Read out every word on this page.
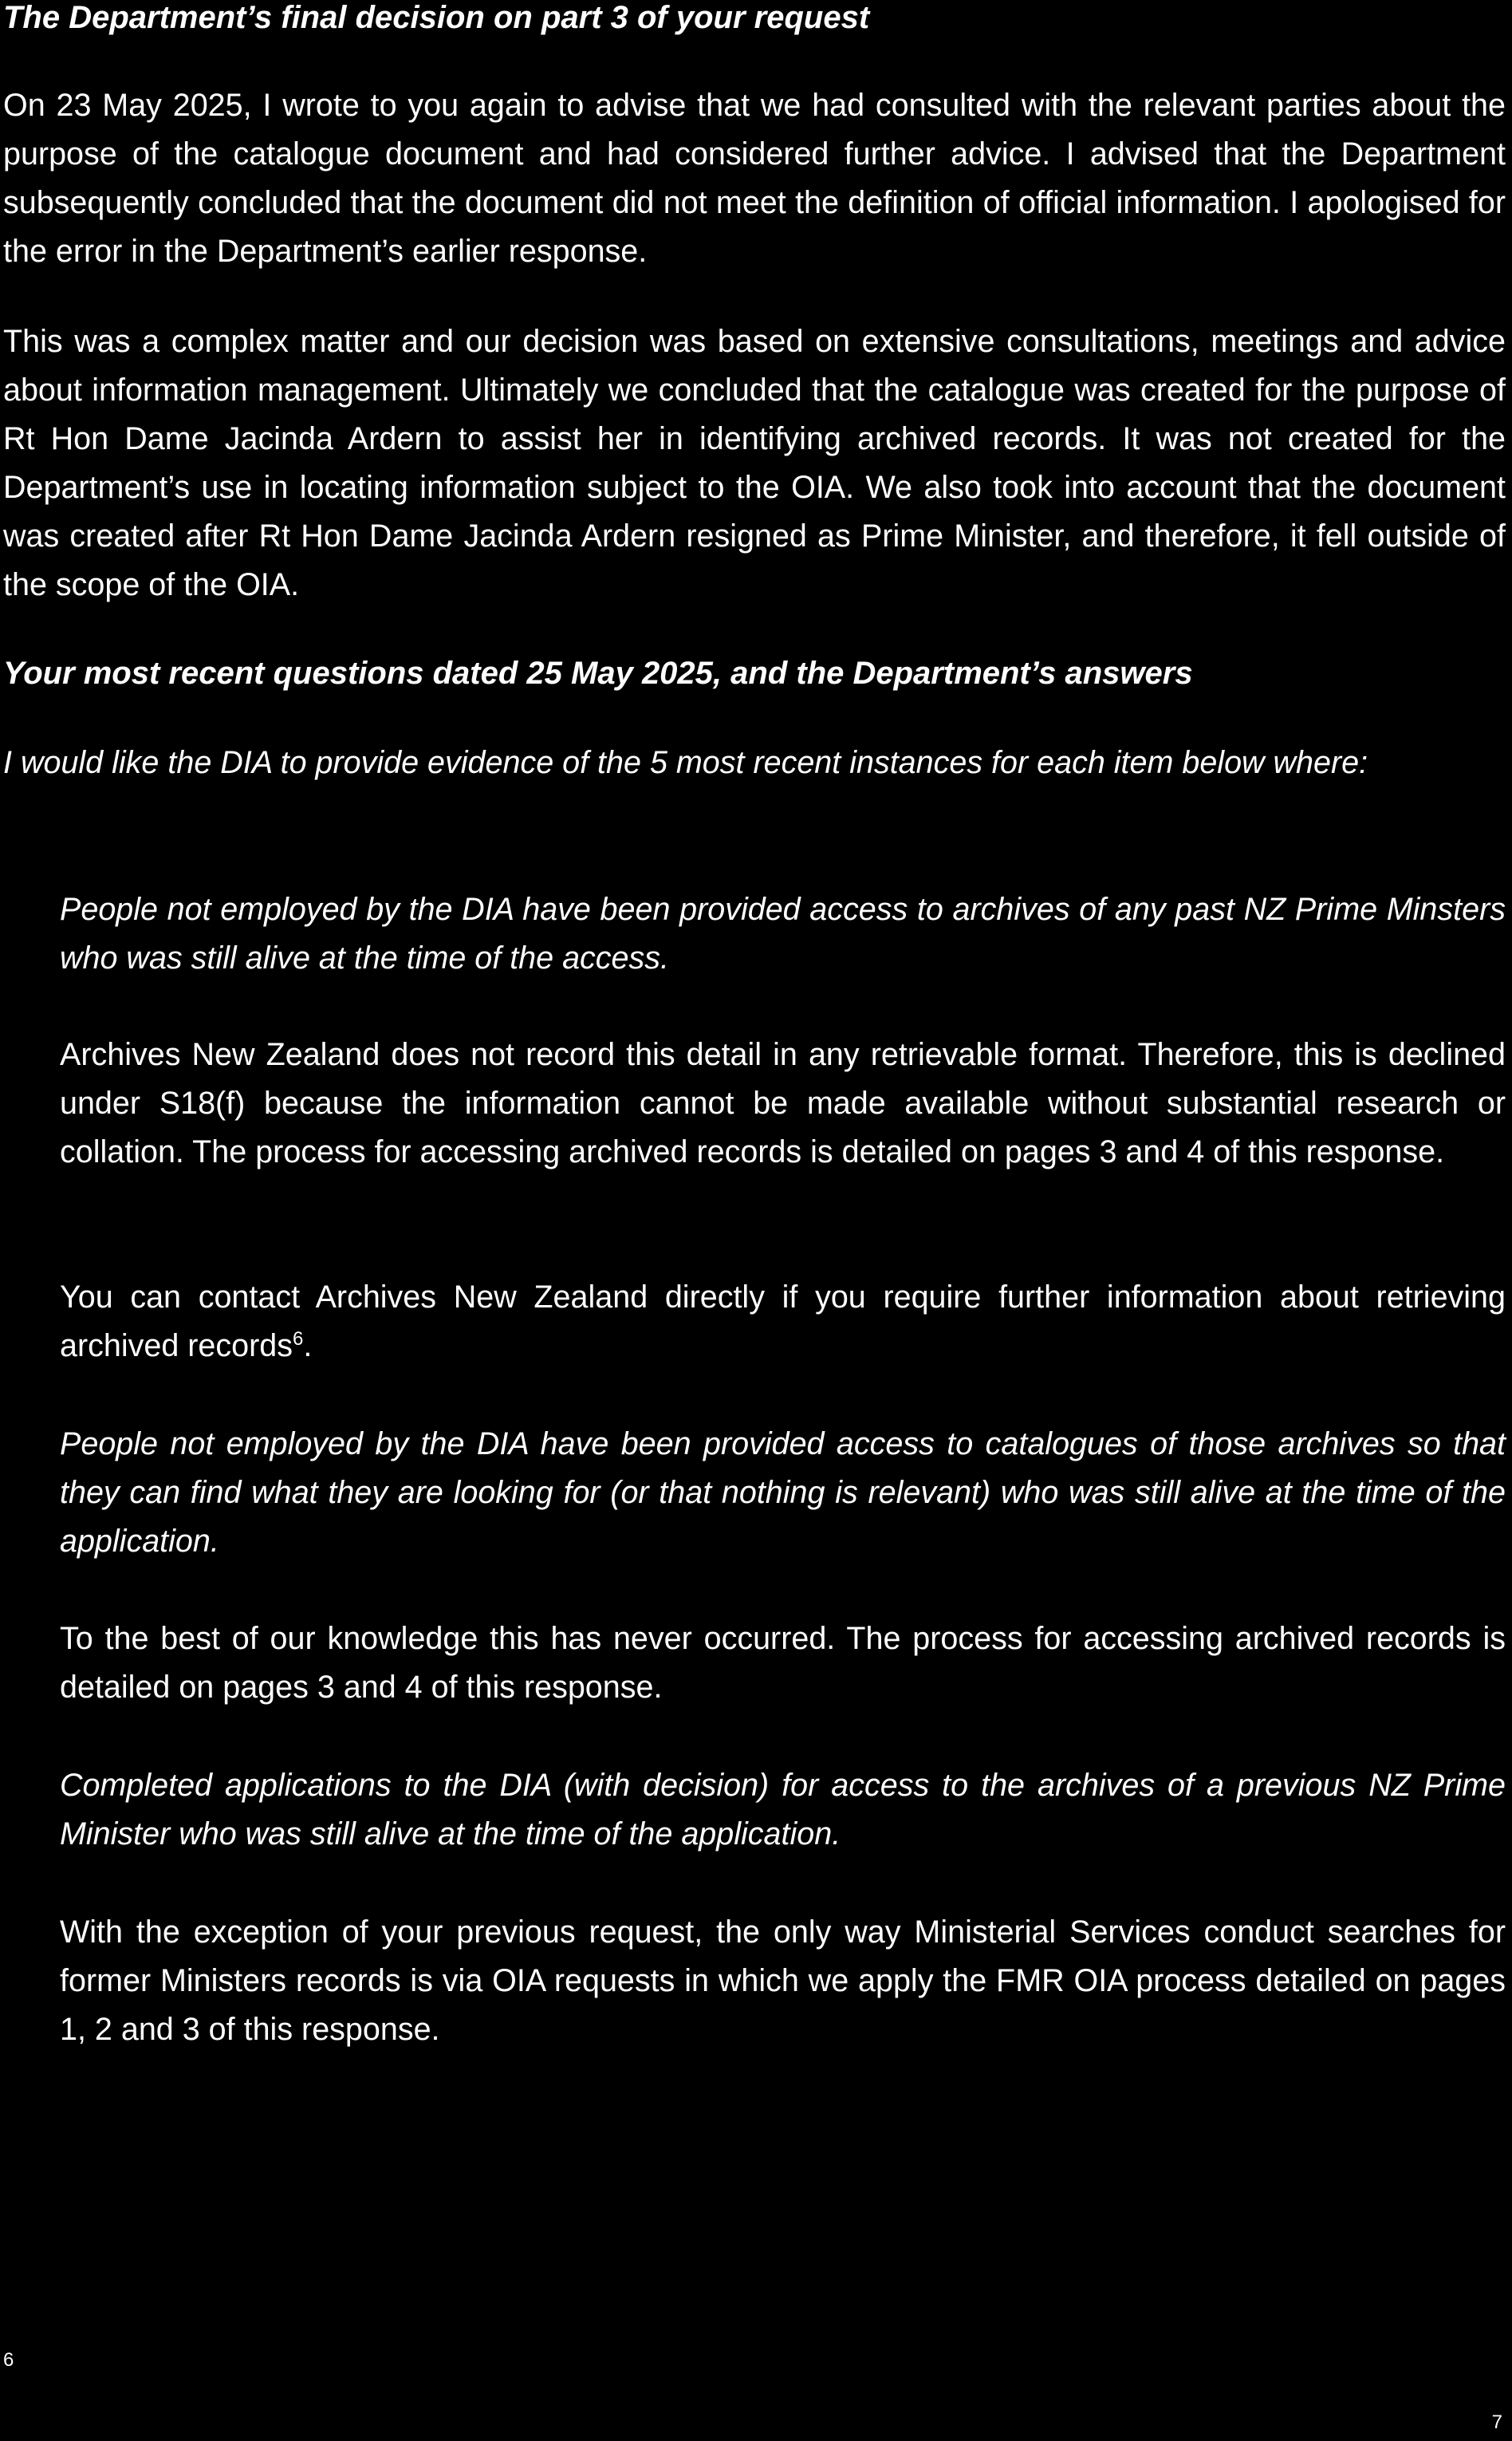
The Department’s final decision on part 3 of your request

On 23 May 2025, I wrote to you again to advise that we had consulted with the relevant parties about the purpose of the catalogue document and had considered further advice. I advised that the Department subsequently concluded that the document did not meet the definition of official information. I apologised for the error in the Department’s earlier response.

This was a complex matter and our decision was based on extensive consultations, meetings and advice about information management. Ultimately we concluded that the catalogue was created for the purpose of Rt Hon Dame Jacinda Ardern to assist her in identifying archived records. It was not created for the Department’s use in locating information subject to the OIA. We also took into account that the document was created after Rt Hon Dame Jacinda Ardern resigned as Prime Minister, and therefore, it fell outside of the scope of the OIA.

Your most recent questions dated 25 May 2025, and the Department’s answers

I would like the DIA to provide evidence of the 5 most recent instances for each item below where:

People not employed by the DIA have been provided access to archives of any past NZ Prime Minsters who was still alive at the time of the access.

Archives New Zealand does not record this detail in any retrievable format. Therefore, this is declined under S18(f) because the information cannot be made available without substantial research or collation. The process for accessing archived records is detailed on pages 3 and 4 of this response.

You can contact Archives New Zealand directly if you require further information about retrieving archived records$^6$.

People not employed by the DIA have been provided access to catalogues of those archives so that they can find what they are looking for (or that nothing is relevant) who was still alive at the time of the application.

To the best of our knowledge this has never occurred. The process for accessing archived records is detailed on pages 3 and 4 of this response.

Completed applications to the DIA (with decision) for access to the archives of a previous NZ Prime Minister who was still alive at the time of the application.

With the exception of your previous request, the only way Ministerial Services conduct searches for former Ministers records is via OIA requests in which we apply the FMR OIA process detailed on pages 1, 2 and 3 of this response.

6
7
